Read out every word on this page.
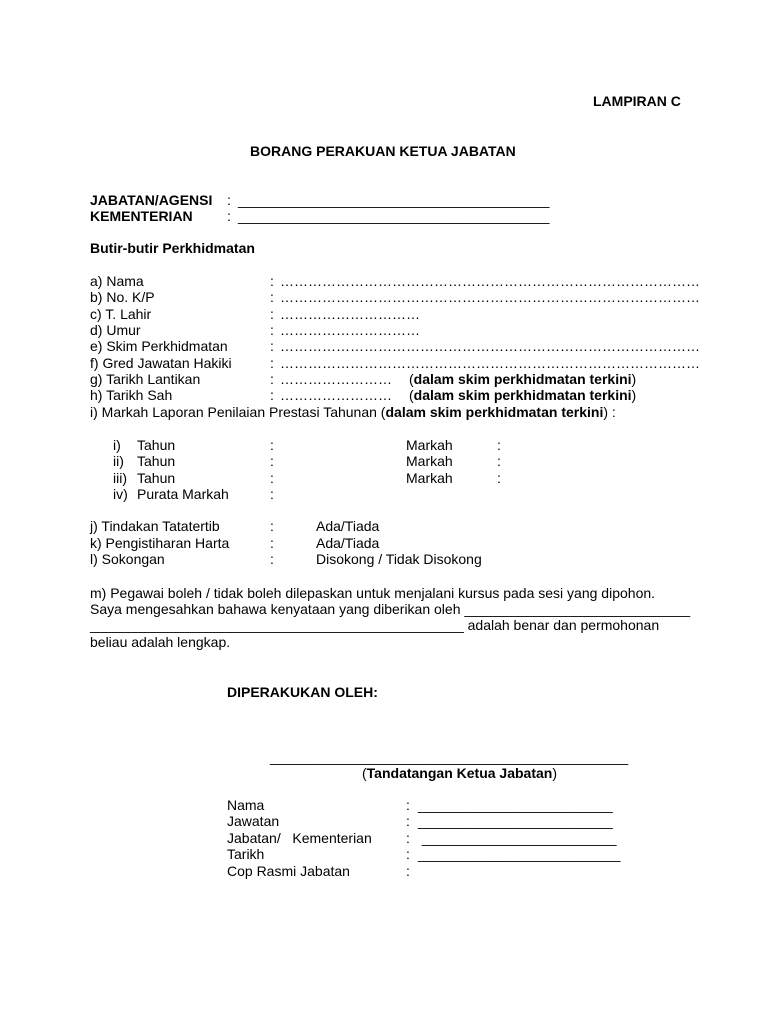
LAMPIRAN C
BORANG PERAKUAN KETUA JABATAN
JABATAN/AGENSI : ________________________________________
KEMENTERIAN : ________________________________________
Butir-butir Perkhidmatan
a) Nama	: ………………………………………………………………………………
b) No. K/P	: ………………………………………………………………………………
c) T. Lahir	: …………………………
d) Umur	: …………………………
e) Skim Perkhidmatan	: ………………………………………………………………………………
f) Gred Jawatan Hakiki	: ………………………………………………………………………………
g) Tarikh Lantikan	: …………………… (dalam skim perkhidmatan terkini)
h) Tarikh Sah	: …………………… (dalam skim perkhidmatan terkini)
i) Markah Laporan Penilaian Prestasi Tahunan (dalam skim perkhidmatan terkini) :
i) Tahun	:	Markah	:
ii) Tahun	:	Markah	:
iii) Tahun	:	Markah	:
iv) Purata Markah	:
j) Tindakan Tatatertib	:	Ada/Tiada
k) Pengistiharan Harta	:	Ada/Tiada
l) Sokongan	:	Disokong / Tidak Disokong
m) Pegawai boleh / tidak boleh dilepaskan untuk menjalani kursus pada sesi yang dipohon.
Saya mengesahkan bahawa kenyataan yang diberikan oleh _____________________________
________________________________________________ adalah benar dan permohonan
beliau adalah lengkap.
DIPERAKUKAN OLEH:
______________________________________________
(Tandatangan Ketua Jabatan)
Nama	: _________________________
Jawatan	: _________________________
Jabatan/   Kementerian : _________________________
Tarikh	: __________________________
Cop Rasmi Jabatan	:
